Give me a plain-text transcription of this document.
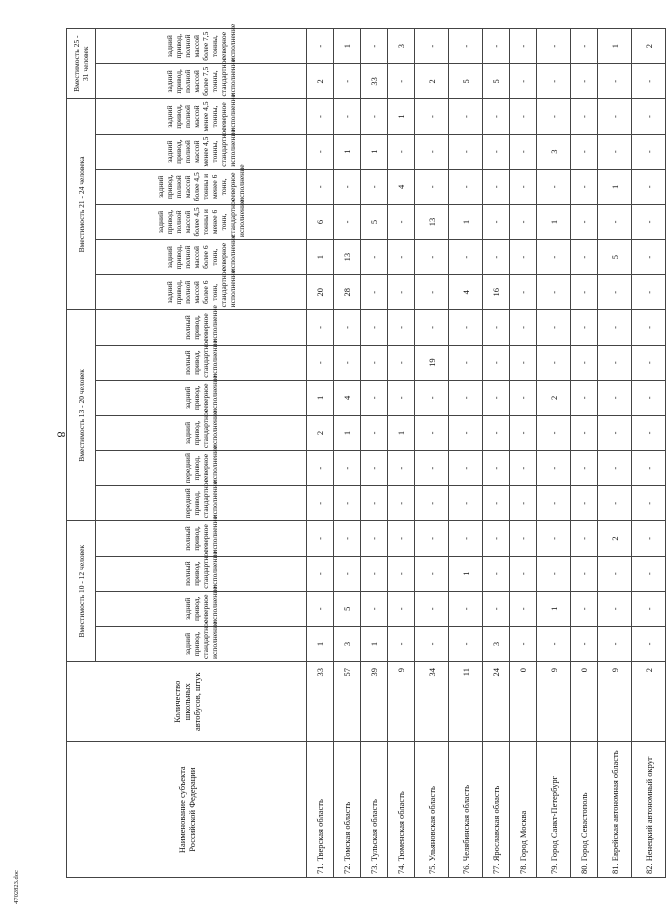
8
4702823.doc
Наименование субъекта Российской Федерации	Количество школьных автобусов, штук	Вместимость 10 - 12 человек				Вместимость 13 - 20 человек						Вместимость 21 - 24 человека						Вместимость 25 - 31 человек	
		задний привод, стандартное исполнение	задний привод, северное исполнение	полный привод, стандартное исполнение	полный привод, северное исполнение	передний привод, стандартное исполнение	передний привод, северное исполнение	задний привод, стандартное исполнение	задний привод, северное исполнение	полный привод, стандартное исполнение	полный привод, северное исполнение	задний привод, полной массой более 6 тонн, стандартное исполнение	задний привод, полной массой более 6 тонн, северное исполнение	задний привод, полной массой более 4,5 тонны и менее 6 тонн, стандартное исполнение	задний привод, полной массой более 4,5 тонны и менее 6 тонн, северное исполнение	задний привод, полной массой менее 4,5 тонны, стандартное исполнение	задний привод, полной массой менее 4,5 тонны, северное исполнение	задний привод, полной массой более 7,5 тонны, стандартное исполнение	задний привод, полной массой более 7,5 тонны, северное исполнение
71. Тверская область	33	1	-	-	-	-	-	2	1	-	-	20	1	6	-	-	-	2	-
72. Томская область	57	3	5	-	-	-	-	1	4	-	-	28	13	-	-	1	-	-	1
73. Тульская область	39	1	-	-	-	-	-	-	-	-	-	-	-	5	-	1	-	33	-
74. Тюменская область	9	-	-	-	-	-	-	1	-	-	-	-	-	-	4	-	1	-	3
75. Ульяновская область	34	-	-	-	-	-	-	-	-	19	-	-	-	13	-	-	-	2	-
76. Челябинская область	11	-	-	1	-	-	-	-	-	-	-	4	-	1	-	-	-	5	-
77. Ярославская область	24	3	-	-	-	-	-	-	-	-	-	16	-	-	-	-	-	5	-
78. Город Москва	0	-	-	-	-	-	-	-	-	-	-	-	-	-	-	-	-	-	-
79. Город Санкт-Петербург	9	-	1	-	-	-	-	-	2	-	-	-	-	1	-	3	-	-	-
80. Город Севастополь	0	-	-	-	-	-	-	-	-	-	-	-	-	-	-	-	-	-	-
81. Еврейская автономная область	9	-	-	-	2	-	-	-	-	-	-	-	5	-	1	-	-	-	1
82. Ненецкий автономный округ	2	-	-	-	-	-	-	-	-	-	-	-	-	-	-	-	-	-	2
